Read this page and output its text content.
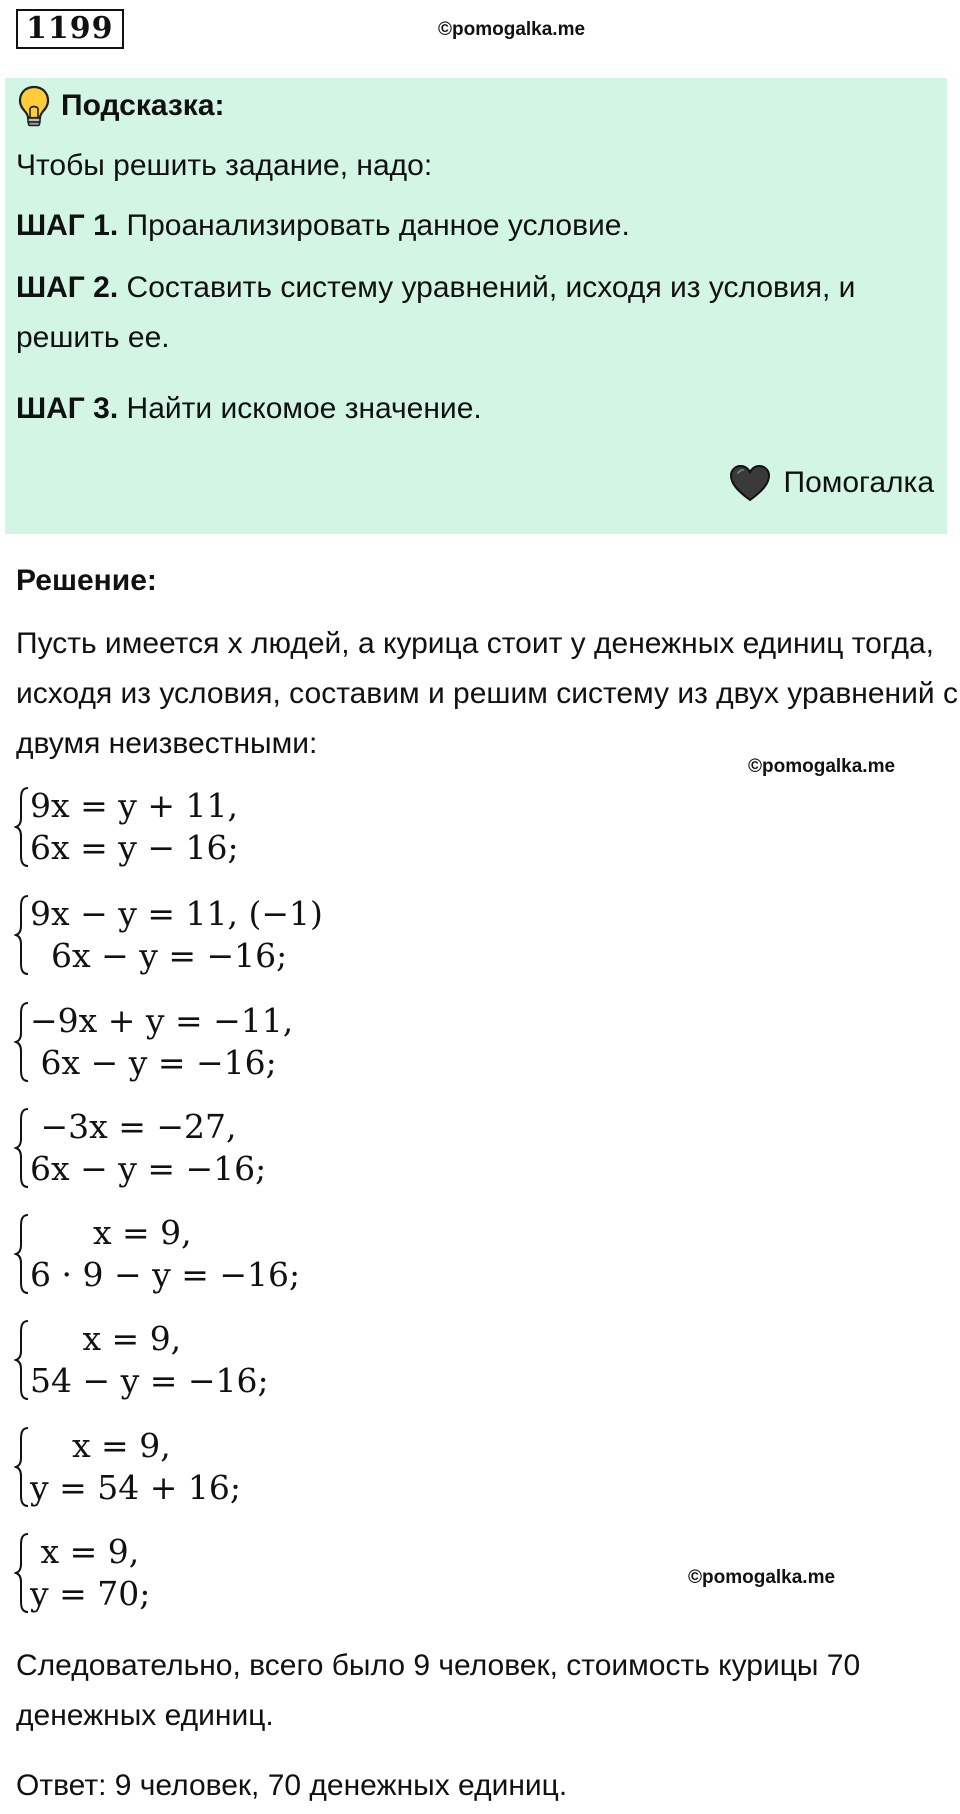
1199	©pomogalka.me
Подсказка:
Чтобы решить задание, надо:
ШАГ 1. Проанализировать данное условие.
ШАГ 2. Составить систему уравнений, исходя из условия, и решить ее.
ШАГ 3. Найти искомое значение.
Помогалка
Решение:
Пусть имеется x людей, а курица стоит y денежных единиц тогда, исходя из условия, составим и решим систему из двух уравнений с двумя неизвестными:
©pomogalka.me
9x = y + 11,
6x = y − 16;
9x − y = 11, (−1)
6x − y = −16;
−9x + y = −11,
6x − y = −16;
−3x = −27,
6x − y = −16;
x = 9,
6 · 9 − y = −16;
x = 9,
54 − y = −16;
x = 9,
y = 54 + 16;
x = 9,
y = 70;	©pomogalka.me
Следовательно, всего было 9 человек, стоимость курицы 70 денежных единиц.
Ответ: 9 человек, 70 денежных единиц.
